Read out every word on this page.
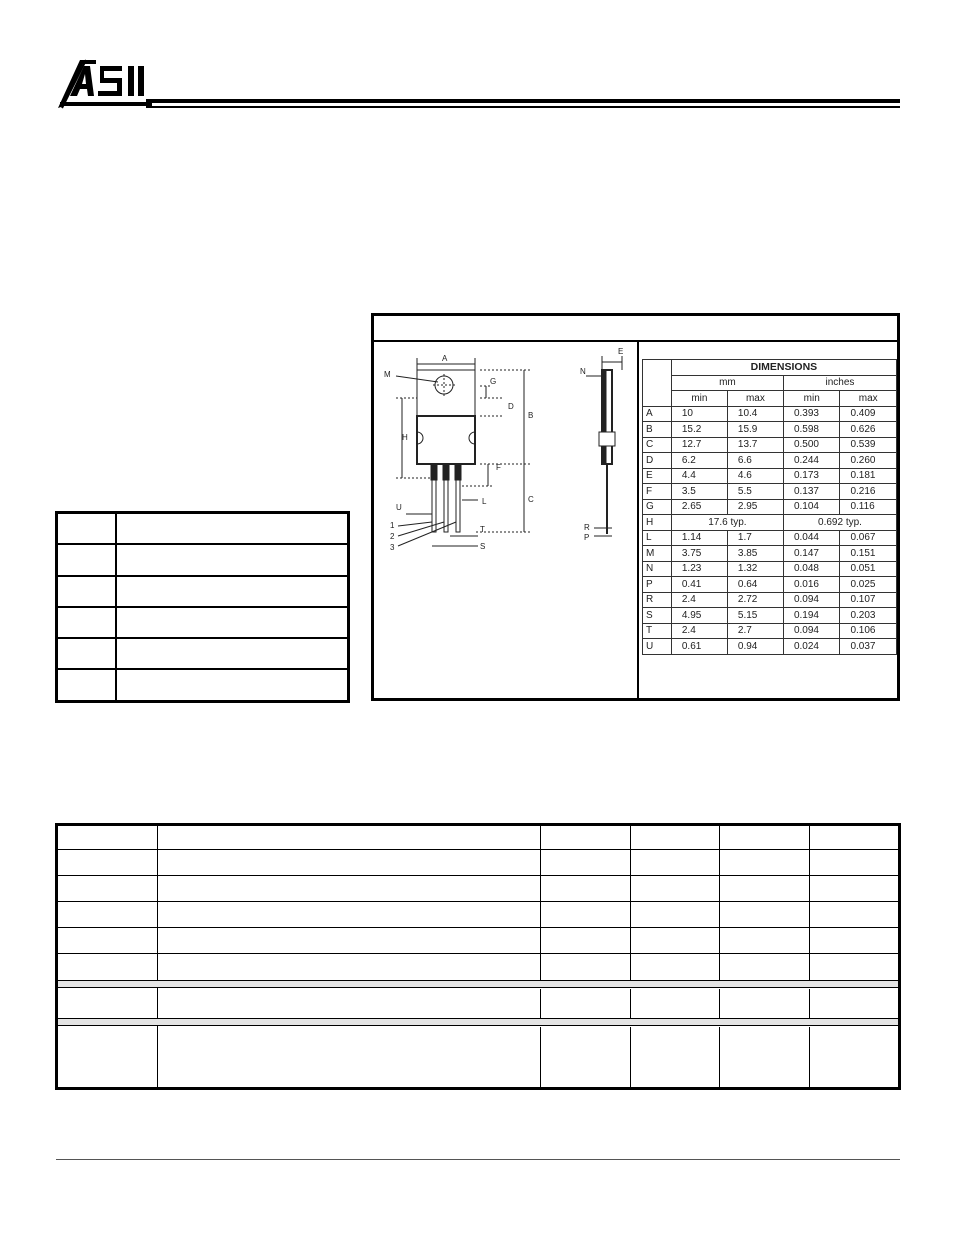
A
M
G
D
B
H
F
C
L
U
T
S
1
2
3
E
N
R
P
	DIMENSIONS			
	mm		inches	
	min	max	min	max
A	10	10.4	0.393	0.409
B	15.2	15.9	0.598	0.626
C	12.7	13.7	0.500	0.539
D	6.2	6.6	0.244	0.260
E	4.4	4.6	0.173	0.181
F	3.5	5.5	0.137	0.216
G	2.65	2.95	0.104	0.116
H	17.6 typ.		0.692 typ.	
L	1.14	1.7	0.044	0.067
M	3.75	3.85	0.147	0.151
N	1.23	1.32	0.048	0.051
P	0.41	0.64	0.016	0.025
R	2.4	2.72	0.094	0.107
S	4.95	5.15	0.194	0.203
T	2.4	2.7	0.094	0.106
U	0.61	0.94	0.024	0.037
